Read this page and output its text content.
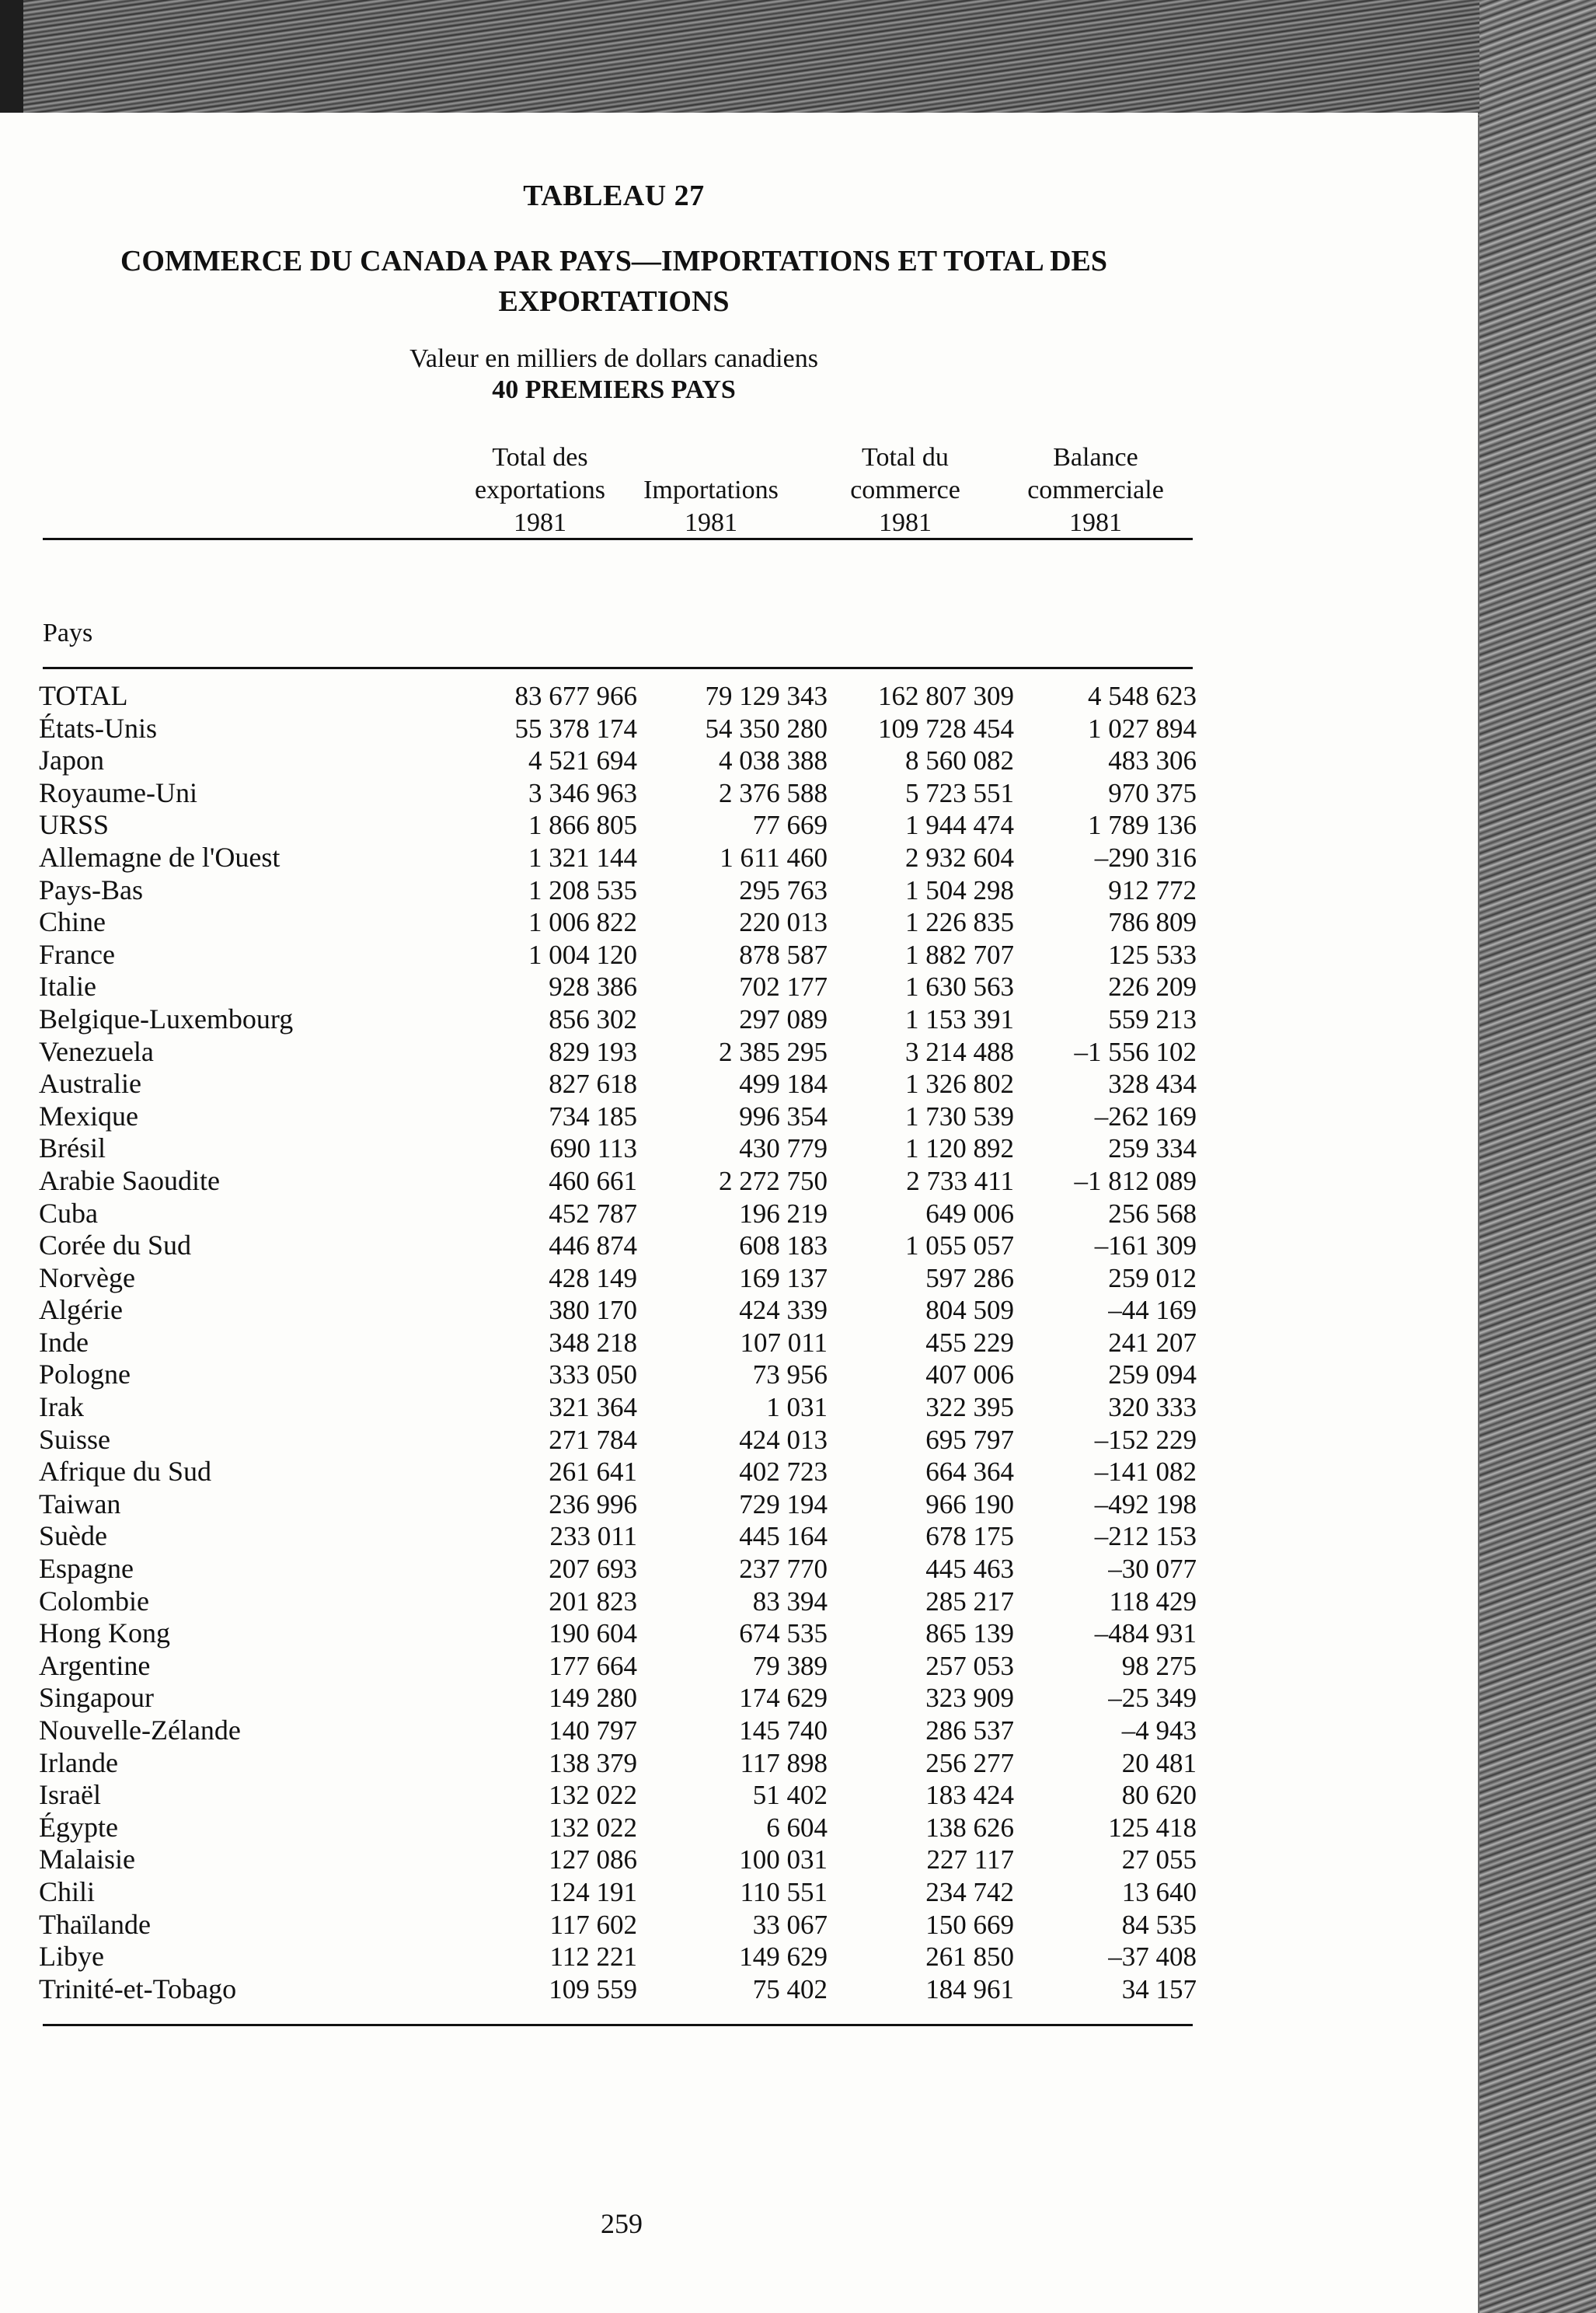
TABLEAU 27
COMMERCE DU CANADA PAR PAYS—IMPORTATIONS ET TOTAL DES
EXPORTATIONS
Valeur en milliers de dollars canadiens
40 PREMIERS PAYS
Pays
Total des
exportations
1981
Importations
1981
Total du
commerce
1981
Balance
commerciale
1981
TOTAL	83 677 966	79 129 343	162 807 309	4 548 623
États-Unis	55 378 174	54 350 280	109 728 454	1 027 894
Japon	4 521 694	4 038 388	8 560 082	483 306
Royaume-Uni	3 346 963	2 376 588	5 723 551	970 375
URSS	1 866 805	77 669	1 944 474	1 789 136
Allemagne de l'Ouest	1 321 144	1 611 460	2 932 604	–290 316
Pays-Bas	1 208 535	295 763	1 504 298	912 772
Chine	1 006 822	220 013	1 226 835	786 809
France	1 004 120	878 587	1 882 707	125 533
Italie	928 386	702 177	1 630 563	226 209
Belgique-Luxembourg	856 302	297 089	1 153 391	559 213
Venezuela	829 193	2 385 295	3 214 488	–1 556 102
Australie	827 618	499 184	1 326 802	328 434
Mexique	734 185	996 354	1 730 539	–262 169
Brésil	690 113	430 779	1 120 892	259 334
Arabie Saoudite	460 661	2 272 750	2 733 411	–1 812 089
Cuba	452 787	196 219	649 006	256 568
Corée du Sud	446 874	608 183	1 055 057	–161 309
Norvège	428 149	169 137	597 286	259 012
Algérie	380 170	424 339	804 509	–44 169
Inde	348 218	107 011	455 229	241 207
Pologne	333 050	73 956	407 006	259 094
Irak	321 364	1 031	322 395	320 333
Suisse	271 784	424 013	695 797	–152 229
Afrique du Sud	261 641	402 723	664 364	–141 082
Taiwan	236 996	729 194	966 190	–492 198
Suède	233 011	445 164	678 175	–212 153
Espagne	207 693	237 770	445 463	–30 077
Colombie	201 823	83 394	285 217	118 429
Hong Kong	190 604	674 535	865 139	–484 931
Argentine	177 664	79 389	257 053	98 275
Singapour	149 280	174 629	323 909	–25 349
Nouvelle-Zélande	140 797	145 740	286 537	–4 943
Irlande	138 379	117 898	256 277	20 481
Israël	132 022	51 402	183 424	80 620
Égypte	132 022	6 604	138 626	125 418
Malaisie	127 086	100 031	227 117	27 055
Chili	124 191	110 551	234 742	13 640
Thaïlande	117 602	33 067	150 669	84 535
Libye	112 221	149 629	261 850	–37 408
Trinité-et-Tobago	109 559	75 402	184 961	34 157
259
